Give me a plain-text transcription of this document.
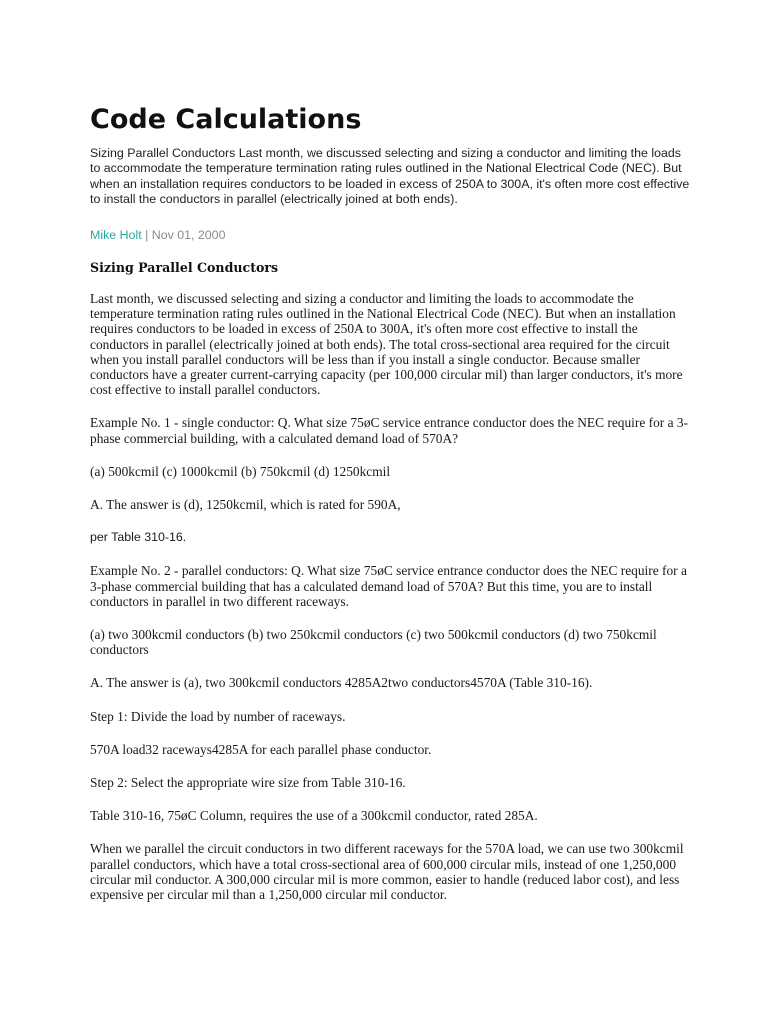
Code Calculations

Sizing Parallel Conductors Last month, we discussed selecting and sizing a conductor and limiting the loads to accommodate the temperature termination rating rules outlined in the National Electrical Code (NEC). But when an installation requires conductors to be loaded in excess of 250A to 300A, it's often more cost effective to install the conductors in parallel (electrically joined at both ends).

Mike Holt | Nov 01, 2000

Sizing Parallel Conductors

Last month, we discussed selecting and sizing a conductor and limiting the loads to accommodate the temperature termination rating rules outlined in the National Electrical Code (NEC). But when an installation requires conductors to be loaded in excess of 250A to 300A, it's often more cost effective to install the conductors in parallel (electrically joined at both ends). The total cross-sectional area required for the circuit when you install parallel conductors will be less than if you install a single conductor. Because smaller conductors have a greater current-carrying capacity (per 100,000 circular mil) than larger conductors, it's more cost effective to install parallel conductors.

Example No. 1 - single conductor: Q. What size 75øC service entrance conductor does the NEC require for a 3-phase commercial building, with a calculated demand load of 570A?

(a) 500kcmil (c) 1000kcmil (b) 750kcmil (d) 1250kcmil

A. The answer is (d), 1250kcmil, which is rated for 590A,

per Table 310-16.

Example No. 2 - parallel conductors: Q. What size 75øC service entrance conductor does the NEC require for a 3-phase commercial building that has a calculated demand load of 570A? But this time, you are to install conductors in parallel in two different raceways.

(a) two 300kcmil conductors (b) two 250kcmil conductors (c) two 500kcmil conductors (d) two 750kcmil conductors

A. The answer is (a), two 300kcmil conductors 4285A2two conductors4570A (Table 310-16).

Step 1: Divide the load by number of raceways.

570A load32 raceways4285A for each parallel phase conductor.

Step 2: Select the appropriate wire size from Table 310-16.

Table 310-16, 75øC Column, requires the use of a 300kcmil conductor, rated 285A.

When we parallel the circuit conductors in two different raceways for the 570A load, we can use two 300kcmil parallel conductors, which have a total cross-sectional area of 600,000 circular mils, instead of one 1,250,000 circular mil conductor. A 300,000 circular mil is more common, easier to handle (reduced labor cost), and less expensive per circular mil than a 1,250,000 circular mil conductor.
